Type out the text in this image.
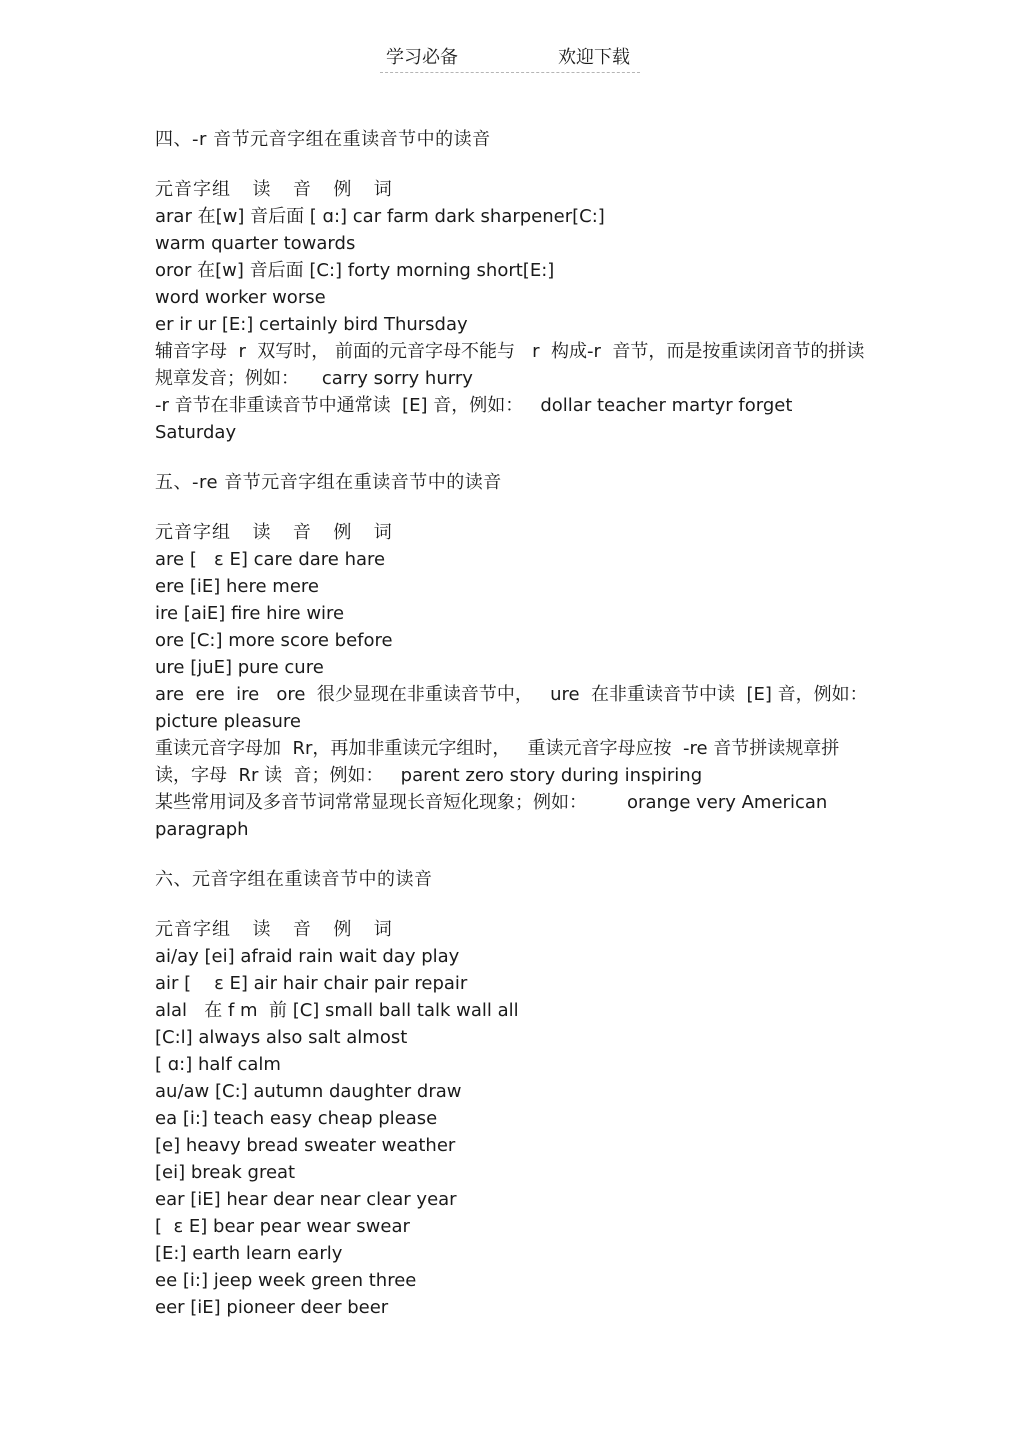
学习必备	欢迎下载

四、-r 音节元音字组在重读音节中的读音

元音字组  读  音  例  词

arar 在[w] 音后面 [ ɑ:] car farm dark sharpener[C:]

warm quarter towards

oror 在[w] 音后面 [C:] forty morning short[E:]

word worker worse

er ir ur [E:] certainly bird Thursday

辅音字母  r  双写时， 前面的元音字母不能与   r  构成-r  音节，而是按重读闭音节的拼读规章发音；例如：    carry sorry hurry

-r 音节在非重读音节中通常读  [E] 音，例如：   dollar teacher martyr forget Saturday

五、-re 音节元音字组在重读音节中的读音

元音字组  读  音  例  词

are [   ɛ E] care dare hare

ere [iE] here mere

ire [aiE] fire hire wire

ore [C:] more score before

ure [juE] pure cure

are  ere  ire   ore  很少显现在非重读音节中，   ure  在非重读音节中读  [E] 音，例如：picture pleasure

重读元音字母加  Rr，再加非重读元字组时，   重读元音字母应按  -re 音节拼读规章拼读，字母  Rr 读  音；例如：   parent zero story during inspiring

某些常用词及多音节词常常显现长音短化现象；例如：       orange very American paragraph

六、元音字组在重读音节中的读音

元音字组  读  音  例  词

ai/ay [ei] afraid rain wait day play

air [    ɛ E] air hair chair pair repair

alal   在 f m  前 [C] small ball talk wall all

[C:l] always also salt almost

[ ɑ:] half calm

au/aw [C:] autumn daughter draw

ea [i:] teach easy cheap please

[e] heavy bread sweater weather

[ei] break great

ear [iE] hear dear near clear year

[  ɛ E] bear pear wear swear

[E:] earth learn early

ee [i:] jeep week green three

eer [iE] pioneer deer beer
